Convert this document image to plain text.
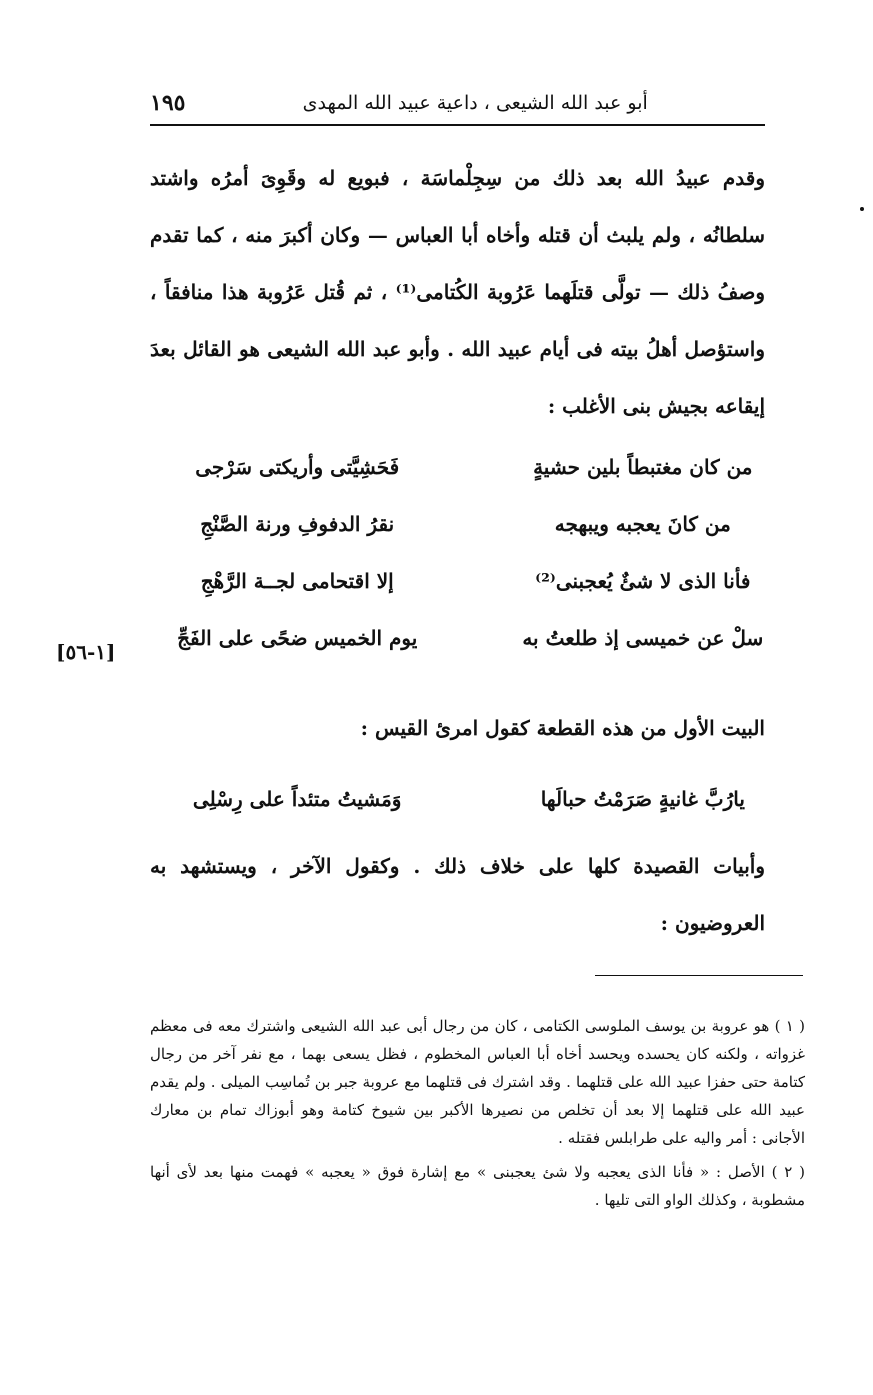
أبو عبد الله الشيعى ، داعية عبيد الله المهدى
١٩٥

وقدم عبيدُ الله بعد ذلك من سِجِلْماسَة ، فبويع له وقَوِىَ أمرُه واشتد سلطانُه ، ولم يلبث أن قتله وأخاه أبا العباس — وكان أكبرَ منه ، كما تقدم وصفُ ذلك — تولَّى قتلَهما عَرُوبة الكُتامى⁽¹⁾ ، ثم قُتل عَرُوبة هذا منافقاً ، واستؤصل أهلُ بيته فى أيام عبيد الله . وأبو عبد الله الشيعى هو القائل بعدَ إيقاعه بجيش بنى الأغلب :

من كان مغتبطاً بلين حشيةٍ
فَحَشِيَّتى وأريكتى سَرْجى
من كانَ يعجبه ويبهجه
نقرُ الدفوفِ ورنة الصَّنْجِ
فأنا الذى لا شئٌ يُعجبنى⁽²⁾
إلا اقتحامى لجــة الرَّهْجِ
سلْ عن خميسى إذ طلعتُ به
يوم الخميس ضحًى على الفَجِّ
[١-٥٦]

البيت الأول من هذه القطعة كقول امرئ القيس :

يارُبَّ غانيةٍ صَرَمْتُ حبالَها
وَمَشيتُ متئداً على رِسْلِى

وأبيات القصيدة كلها على خلاف ذلك . وكقول الآخر ، ويستشهد به العروضيون :

( ١ ) هو عروبة بن يوسف الملوسى الكتامى ، كان من رجال أبى عبد الله الشيعى واشترك معه فى معظم غزواته ، ولكنه كان يحسده ويحسد أخاه أبا العباس المخطوم ، فظل يسعى بهما ، مع نفر آخر من رجال كتامة حتى حفزا عبيد الله على قتلهما . وقد اشترك فى قتلهما مع عروبة جبر بن تُماسِب الميلى . ولم يقدم عبيد الله على قتلهما إلا بعد أن تخلص من نصيرها الأكبر بين شيوخ كتامة وهو أبوزاك تمام بن معارك الأجانى : أمر واليه على طرابلس فقتله .

( ٢ ) الأصل : « فأنا الذى يعجبه ولا شئ يعجبنى » مع إشارة فوق « يعجبه » فهمت منها بعد لأى أنها مشطوبة ، وكذلك الواو التى تليها .
